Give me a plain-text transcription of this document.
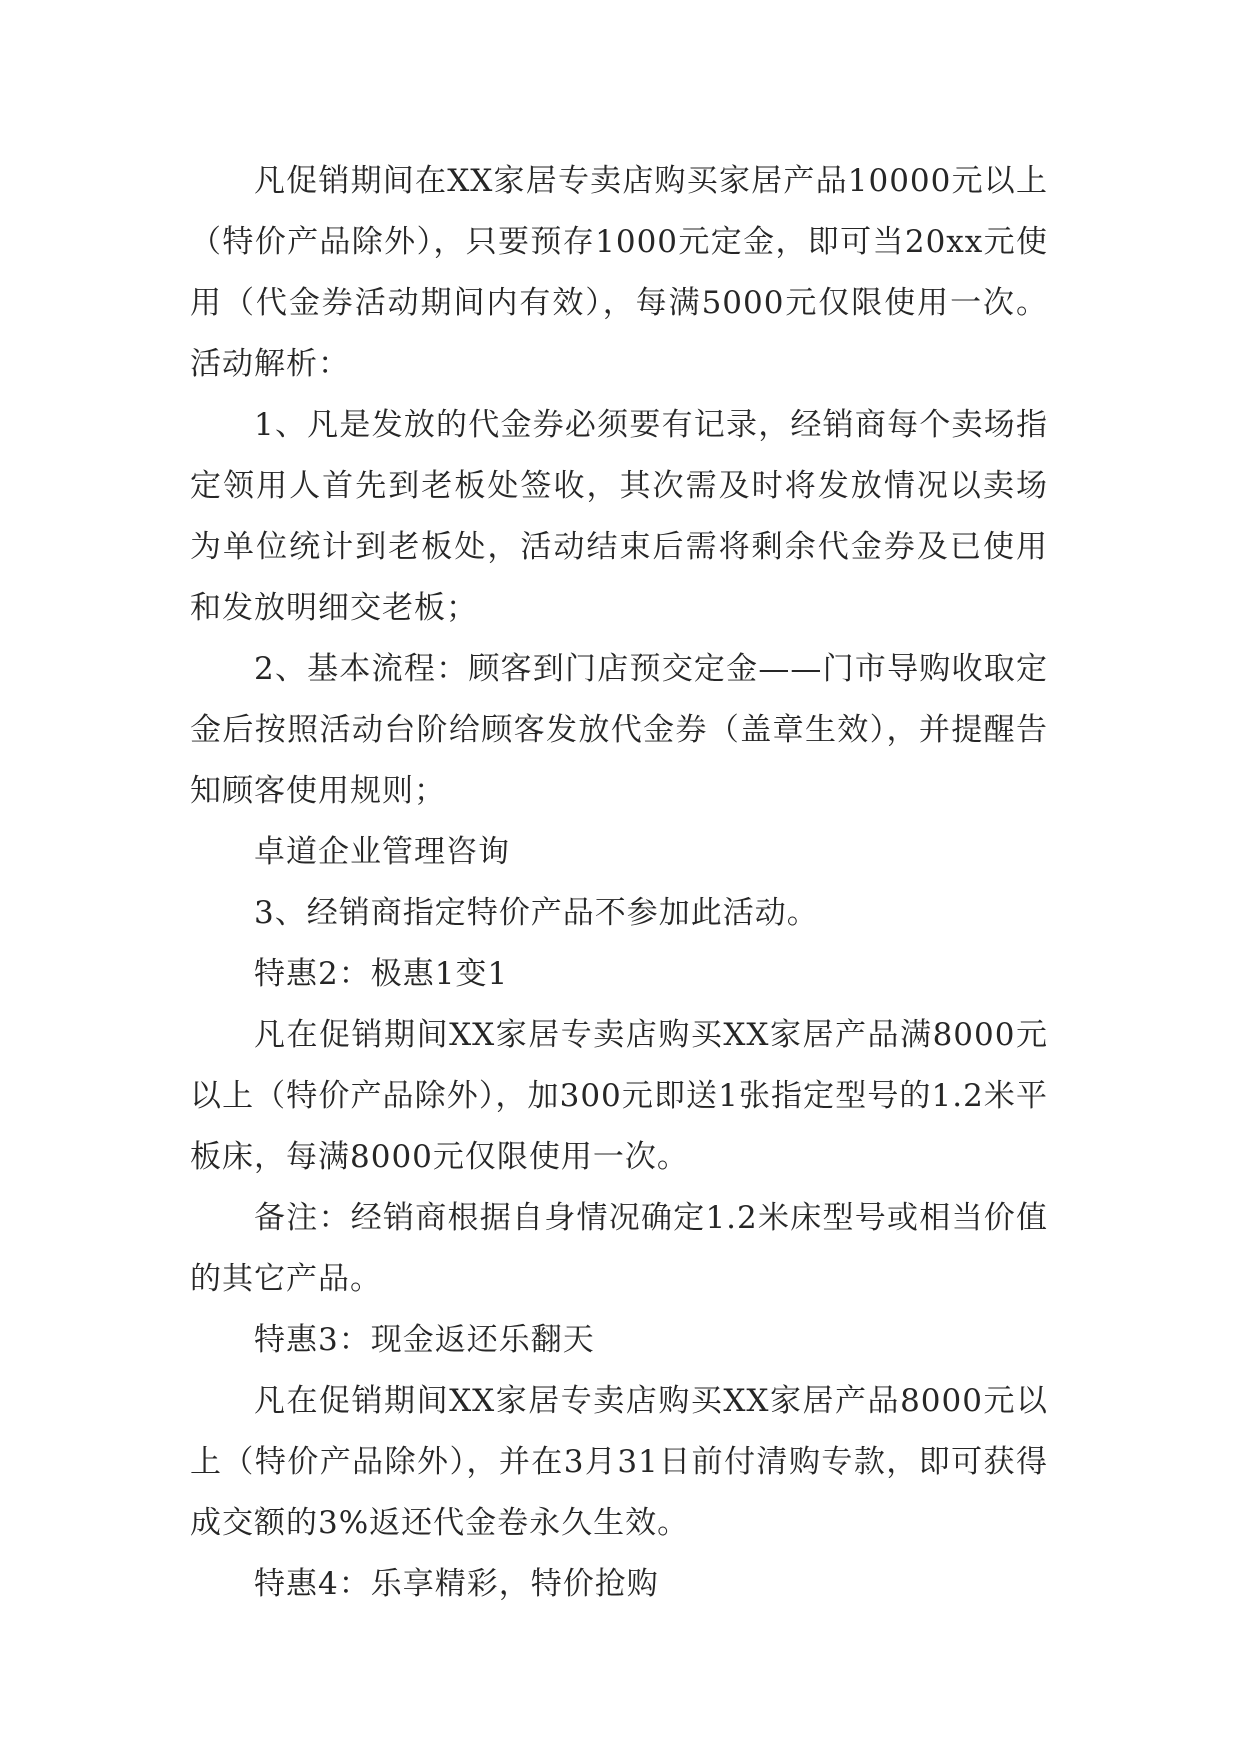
凡促销期间在XX家居专卖店购买家居产品10000元以上（特价产品除外），只要预存1000元定金，即可当20xx元使用（代金券活动期间内有效），每满5000元仅限使用一次。活动解析：

1、凡是发放的代金券必须要有记录，经销商每个卖场指定领用人首先到老板处签收，其次需及时将发放情况以卖场为单位统计到老板处，活动结束后需将剩余代金券及已使用和发放明细交老板；

2、基本流程：顾客到门店预交定金——门市导购收取定金后按照活动台阶给顾客发放代金券（盖章生效），并提醒告知顾客使用规则；

卓道企业管理咨询

3、经销商指定特价产品不参加此活动。

特惠2：极惠1变1

凡在促销期间XX家居专卖店购买XX家居产品满8000元以上（特价产品除外），加300元即送1张指定型号的1.2米平板床，每满8000元仅限使用一次。

备注：经销商根据自身情况确定1.2米床型号或相当价值的其它产品。

特惠3：现金返还乐翻天

凡在促销期间XX家居专卖店购买XX家居产品8000元以上（特价产品除外），并在3月31日前付清购专款，即可获得成交额的3%返还代金卷永久生效。

特惠4：乐享精彩，特价抢购
